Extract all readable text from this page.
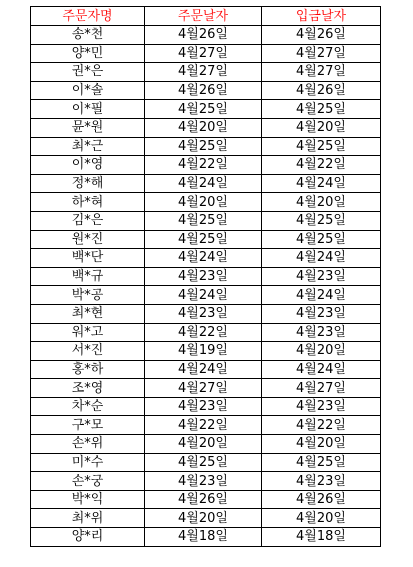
주문자명	주문날자	입금날자
송*천	4월26일	4월26일
양*민	4월27일	4월27일
권*은	4월27일	4월27일
이*솔	4월26일	4월26일
이*필	4월25일	4월25일
뮨*원	4월20일	4월20일
최*근	4월25일	4월25일
이*영	4월22일	4월22일
정*해	4월24일	4월24일
하*혀	4월20일	4월20일
김*은	4월25일	4월25일
원*진	4월25일	4월25일
백*단	4월24일	4월24일
백*규	4월23일	4월23일
박*공	4월24일	4월24일
최*현	4월23일	4월23일
워*고	4월22일	4월23일
서*진	4월19일	4월20일
홍*하	4월24일	4월24일
조*영	4월27일	4월27일
차*순	4월23일	4월23일
구*모	4월22일	4월22일
손*위	4월20일	4월20일
미*수	4월25일	4월25일
손*궁	4월23일	4월23일
박*익	4월26일	4월26일
최*위	4월20일	4월20일
양*리	4월18일	4월18일
